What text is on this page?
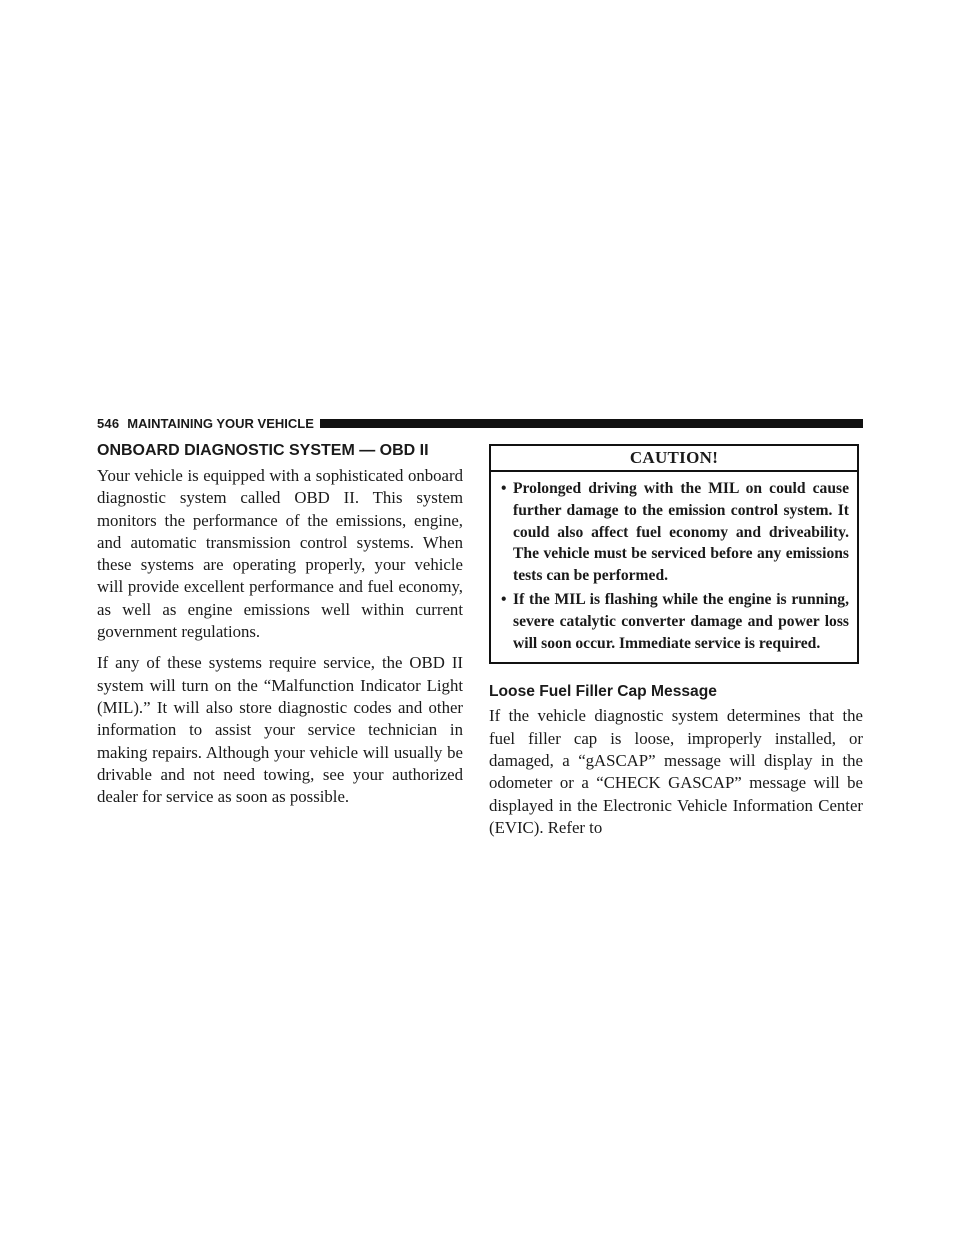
546 MAINTAINING YOUR VEHICLE
ONBOARD DIAGNOSTIC SYSTEM — OBD II

Your vehicle is equipped with a sophisticated onboard diagnostic system called OBD II. This system monitors the performance of the emissions, engine, and automatic transmission control systems. When these systems are operating properly, your vehicle will provide excellent performance and fuel economy, as well as engine emissions well within current government regulations.

If any of these systems require service, the OBD II system will turn on the “Malfunction Indicator Light (MIL).” It will also store diagnostic codes and other information to assist your service technician in making repairs. Although your vehicle will usually be drivable and not need towing, see your authorized dealer for service as soon as possible.

CAUTION!
• Prolonged driving with the MIL on could cause further damage to the emission control system. It could also affect fuel economy and driveability. The vehicle must be serviced before any emissions tests can be performed.
• If the MIL is flashing while the engine is running, severe catalytic converter damage and power loss will soon occur. Immediate service is required.
Loose Fuel Filler Cap Message

If the vehicle diagnostic system determines that the fuel filler cap is loose, improperly installed, or damaged, a “gASCAP” message will display in the odometer or a “CHECK GASCAP” message will be displayed in the Electronic Vehicle Information Center (EVIC). Refer to
